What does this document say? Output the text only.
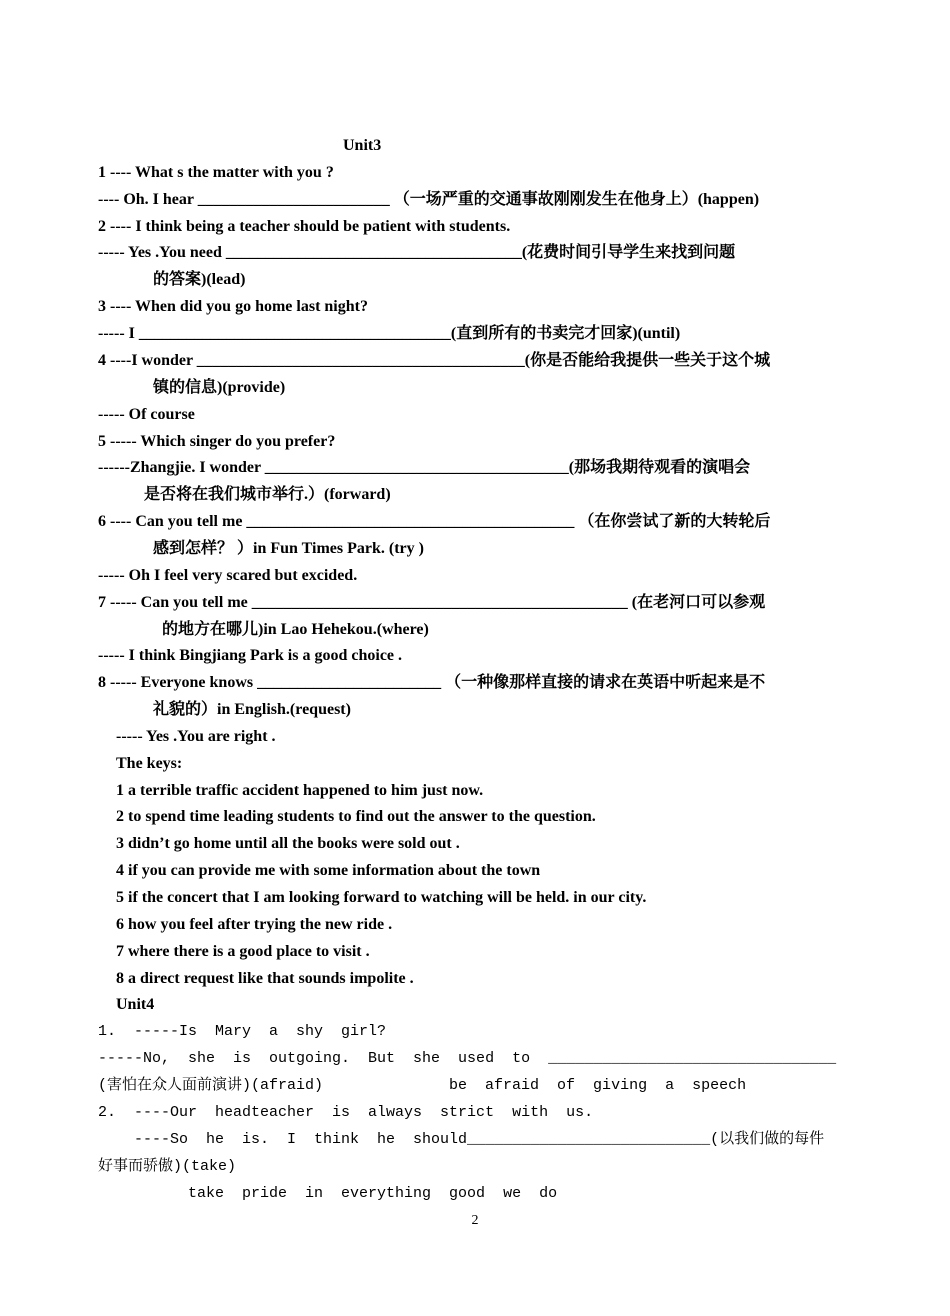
Unit3
1 ---- What s the matter with you ?
---- Oh. I hear ________________________ （一场严重的交通事故刚刚发生在他身上）(happen)
2 ---- I think being a teacher should be patient with students.
----- Yes .You need _____________________________________(花费时间引导学生来找到问题
的答案)(lead)
3 ---- When did you go home last night?
----- I _______________________________________(直到所有的书卖完才回家)(until)
4 ----I wonder _________________________________________(你是否能给我提供一些关于这个城
镇的信息)(provide)
----- Of course
5 ----- Which singer do you prefer?
------Zhangjie. I wonder ______________________________________(那场我期待观看的演唱会
是否将在我们城市举行.）(forward)
6 ---- Can you tell me _________________________________________ （在你尝试了新的大转轮后
感到怎样？ ）in Fun Times Park. (try )
----- Oh I feel very scared but excided.
7 ----- Can you tell me _______________________________________________ (在老河口可以参观
的地方在哪儿)in Lao Hehekou.(where)
----- I think Bingjiang Park is a good choice .
8 ----- Everyone knows _______________________ （一种像那样直接的请求在英语中听起来是不
礼貌的）in English.(request)
----- Yes .You are right .
The keys:
1 a terrible traffic accident happened to him just now.
2 to spend time leading students to find out the answer to the question.
3 didn’t go home until all the books were sold out .
4 if you can provide me with some information about the town
5 if the concert that I am looking forward to watching will be held. in our city.
6 how you feel after trying the new ride .
7 where there is a good place to visit .
8 a direct request like that sounds impolite .
Unit4
1.  -----Is  Mary  a  shy  girl?
-----No,  she  is  outgoing.  But  she  used  to  ________________________________
(害怕在众人面前演讲)(afraid)              be  afraid  of  giving  a  speech
2.  ----Our  headteacher  is  always  strict  with  us.
----So  he  is.  I  think  he  should___________________________(以我们做的每件
好事而骄傲)(take)
take  pride  in  everything  good  we  do
2
